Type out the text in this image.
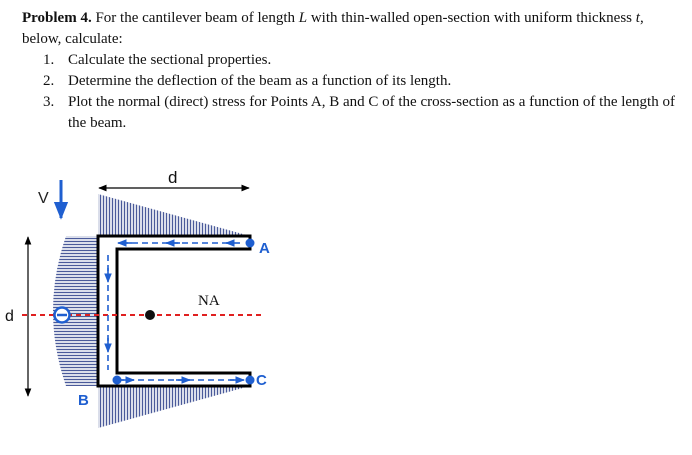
Problem 4. For the cantilever beam of length L with thin-walled open-section with uniform thickness t,

below, calculate:

1. Calculate the sectional properties.
2. Determine the deflection of the beam as a function of its length.
3. Plot the normal (direct) stress for Points A, B and C of the cross-section as a function of the length of the beam.
V
d
d
NA
A
B
C
